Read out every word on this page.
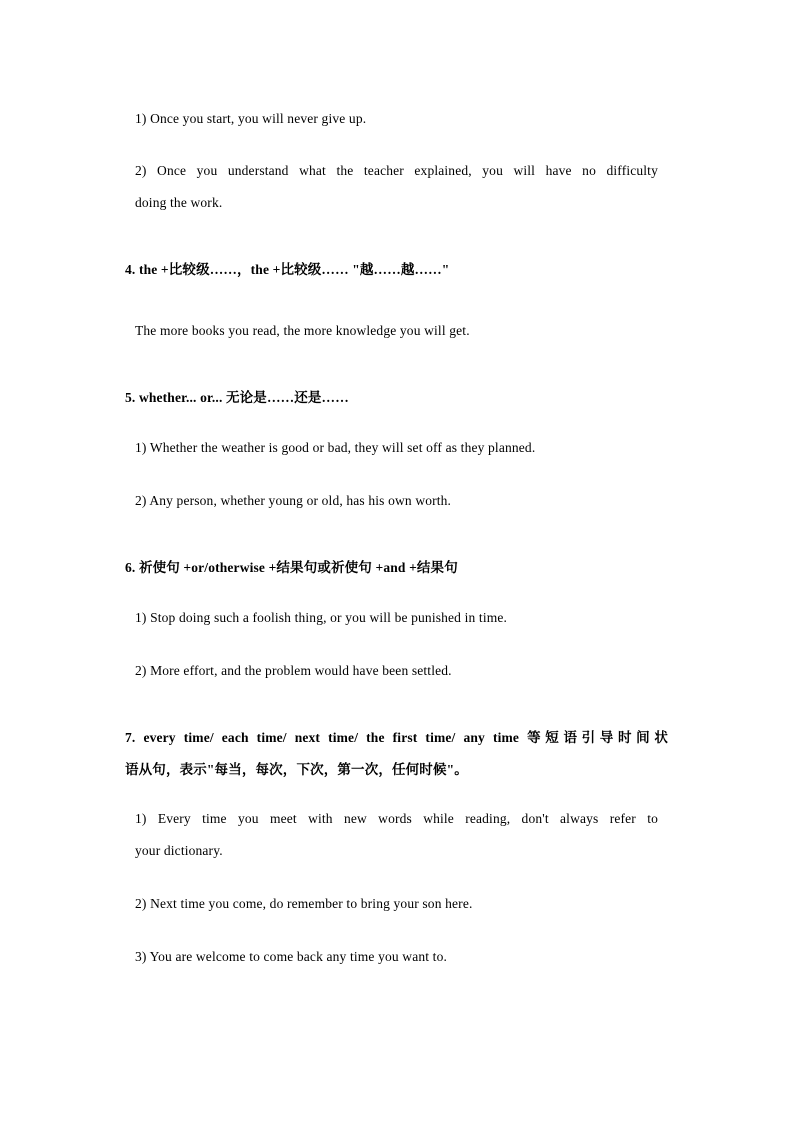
1) Once you start, you will never give up.
2) Once you understand what the teacher explained, you will have no difficulty
doing the work.
4. the +比较级……，the +比较级…… "越……越……"
The more books you read, the more knowledge you will get.
5. whether... or... 无论是……还是……
1) Whether the weather is good or bad, they will set off as they planned.
2) Any person, whether young or old, has his own worth.
6. 祈使句 +or/otherwise +结果句或祈使句 +and +结果句
1) Stop doing such a foolish thing, or you will be punished in time.
2) More effort, and the problem would have been settled.
7. every time/ each time/ next time/ the first time/ any time 等短语引导时间状
语从句，表示"每当，每次，下次，第一次，任何时候"。
1) Every time you meet with new words while reading, don't always refer to
your dictionary.
2) Next time you come, do remember to bring your son here.
3) You are welcome to come back any time you want to.
